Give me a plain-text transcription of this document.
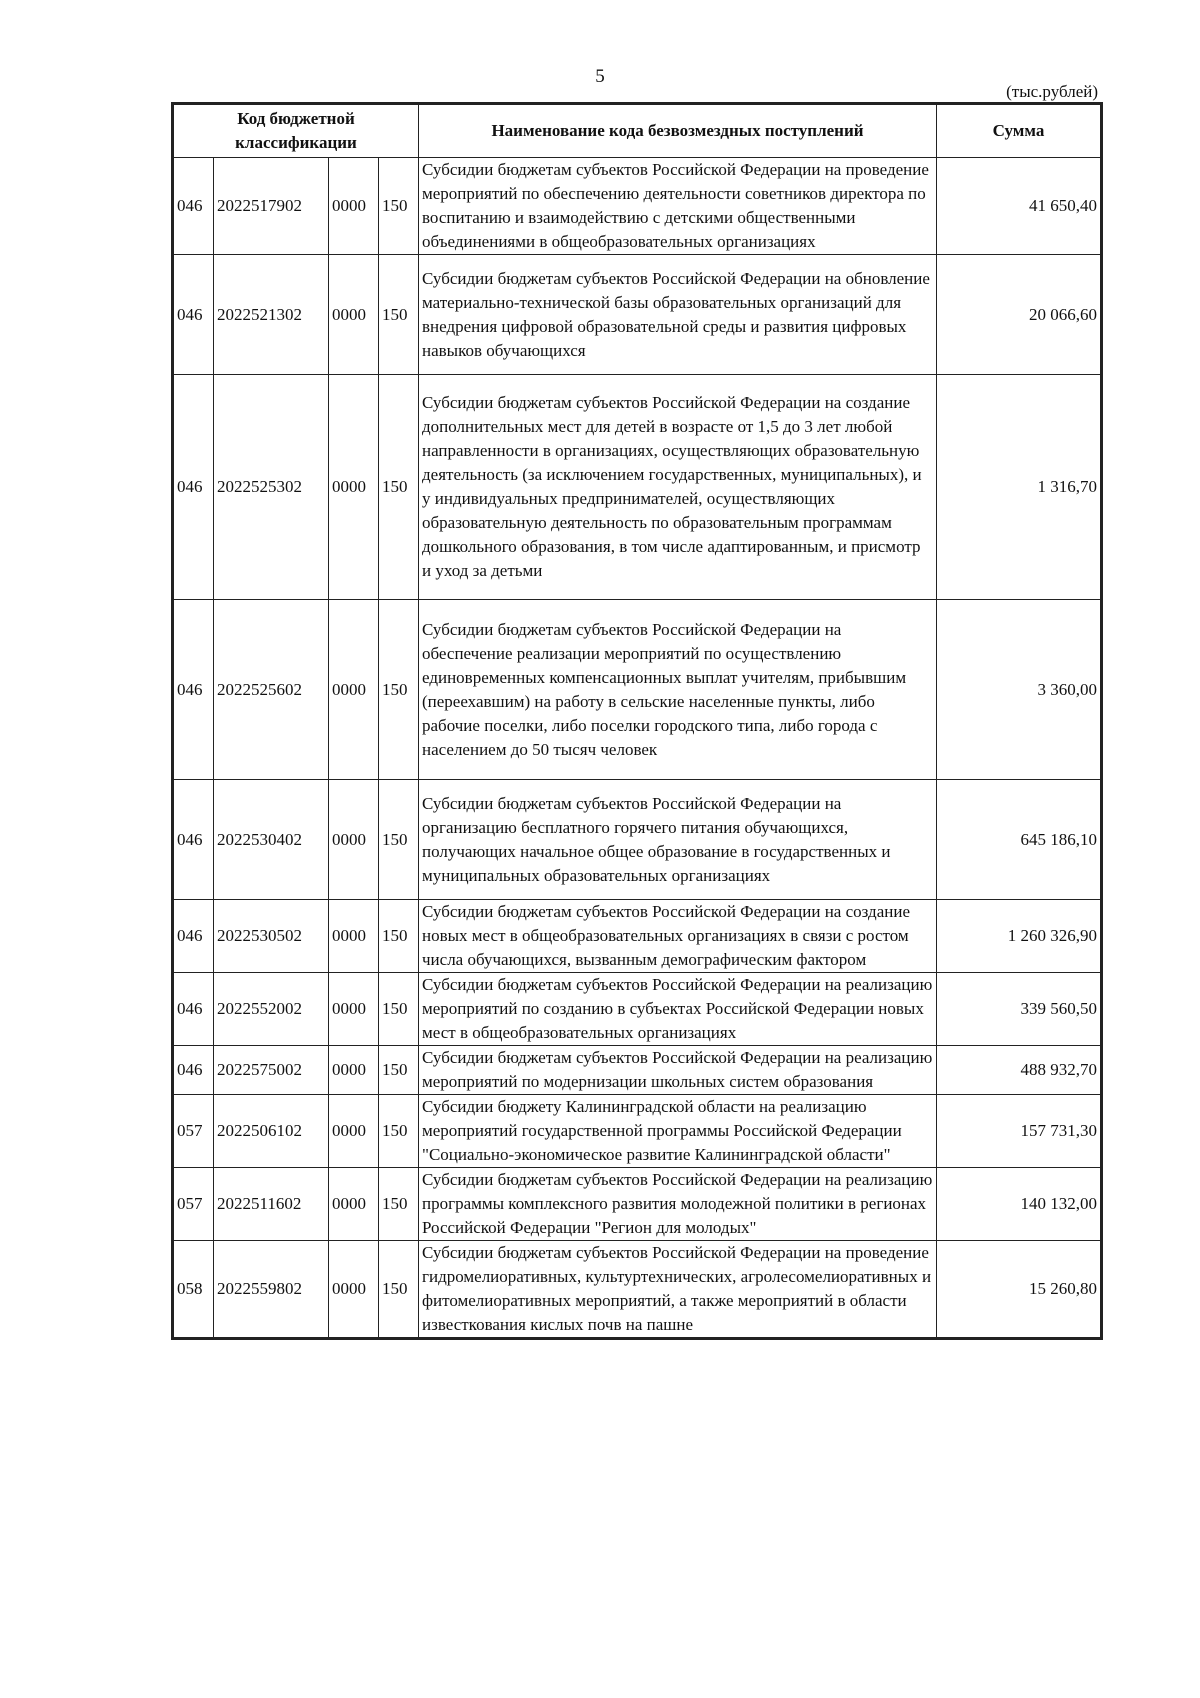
5
(тыс.рублей)
Код бюджетной классификации				Наименование кода безвозмездных поступлений	Сумма
046	2022517902	0000	150	Субсидии бюджетам субъектов Российской Федерации на проведение мероприятий по обеспечению деятельности советников директора по воспитанию и взаимодействию с детскими общественными объединениями в общеобразовательных организациях	41 650,40
046	2022521302	0000	150	Субсидии бюджетам субъектов Российской Федерации на обновление материально-технической базы образовательных организаций для внедрения цифровой образовательной среды и развития цифровых навыков обучающихся	20 066,60
046	2022525302	0000	150	Субсидии бюджетам субъектов Российской Федерации на создание дополнительных мест для детей в возрасте от 1,5 до 3 лет любой направленности в организациях, осуществляющих образовательную деятельность (за исключением государственных, муниципальных), и у индивидуальных предпринимателей, осуществляющих образовательную деятельность по образовательным программам дошкольного образования, в том числе адаптированным, и присмотр и уход за детьми	1 316,70
046	2022525602	0000	150	Субсидии бюджетам субъектов Российской Федерации на обеспечение реализации мероприятий по осуществлению единовременных компенсационных выплат учителям, прибывшим (переехавшим) на работу в сельские населенные пункты, либо рабочие поселки, либо поселки городского типа, либо города с населением до 50 тысяч человек	3 360,00
046	2022530402	0000	150	Субсидии бюджетам субъектов Российской Федерации на организацию бесплатного горячего питания обучающихся, получающих начальное общее образование в государственных и муниципальных образовательных организациях	645 186,10
046	2022530502	0000	150	Субсидии бюджетам субъектов Российской Федерации на создание новых мест в общеобразовательных организациях в связи с ростом числа обучающихся, вызванным демографическим фактором	1 260 326,90
046	2022552002	0000	150	Субсидии бюджетам субъектов Российской Федерации на реализацию мероприятий по созданию в субъектах Российской Федерации новых мест в общеобразовательных организациях	339 560,50
046	2022575002	0000	150	Субсидии бюджетам субъектов Российской Федерации на реализацию мероприятий по модернизации школьных систем образования	488 932,70
057	2022506102	0000	150	Субсидии бюджету Калининградской области на реализацию мероприятий государственной программы Российской Федерации "Социально-экономическое развитие Калининградской области"	157 731,30
057	2022511602	0000	150	Субсидии бюджетам субъектов Российской Федерации на реализацию программы комплексного развития молодежной политики в регионах Российской Федерации "Регион для молодых"	140 132,00
058	2022559802	0000	150	Субсидии бюджетам субъектов Российской Федерации на проведение гидромелиоративных, культуртехнических, агролесомелиоративных и фитомелиоративных мероприятий, а также мероприятий в области известкования кислых почв на пашне	15 260,80
